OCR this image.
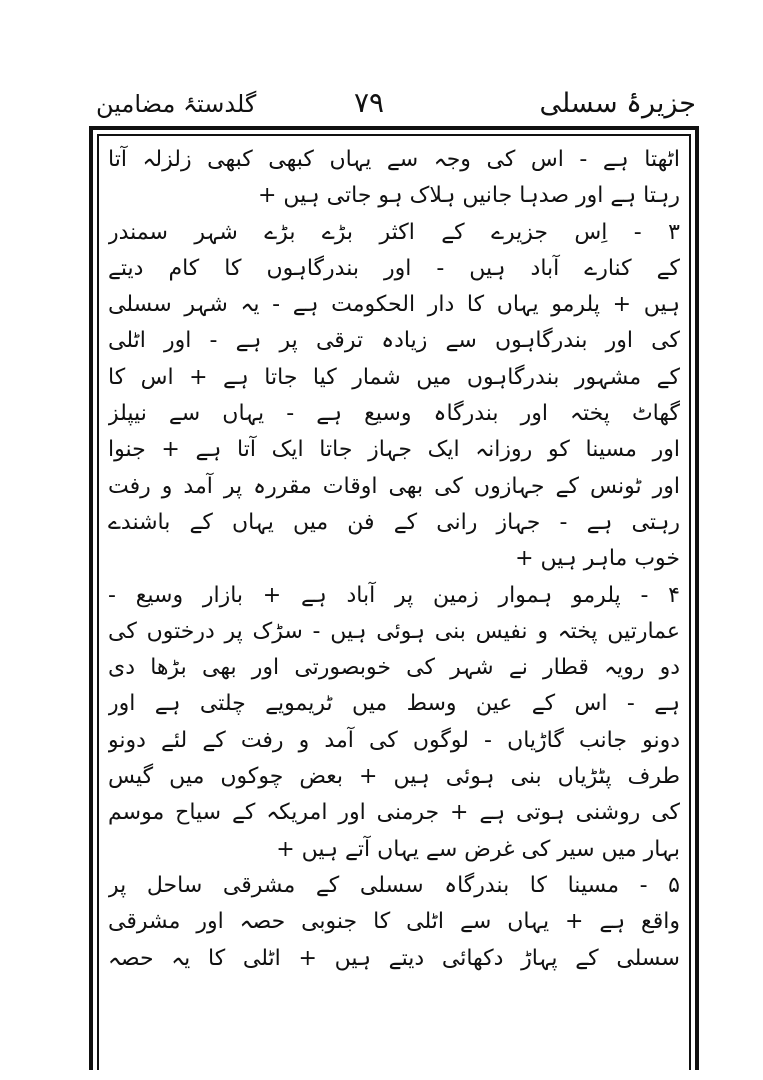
جزیرۂ سسلی
۷۹
گلدستۂ مضامین
اٹھتا ہے - اس کی وجہ سے یہاں کبھی کبھی زلزلہ آتا
رہتا ہے اور صدہا جانیں ہلاک ہو جاتی ہیں +
۳ - اِس جزیرے کے اکثر بڑے بڑے شہر سمندر
کے کنارے آباد ہیں - اور بندرگاہوں کا کام دیتے
ہیں + پلرمو یہاں کا دار الحکومت ہے - یہ شہر سسلی
کی اور بندرگاہوں سے زیادہ ترقی پر ہے - اور اٹلی
کے مشہور بندرگاہوں میں شمار کیا جاتا ہے + اس کا
گھاٹ پختہ اور بندرگاہ وسیع ہے - یہاں سے نیپلز
اور مسینا کو روزانہ ایک جہاز جاتا ایک آتا ہے + جنوا
اور ٹونس کے جہازوں کی بھی اوقات مقررہ پر آمد و رفت
رہتی ہے - جہاز رانی کے فن میں یہاں کے باشندے
خوب ماہر ہیں +
۴ - پلرمو ہموار زمین پر آباد ہے + بازار وسیع -
عمارتیں پختہ و نفیس بنی ہوئی ہیں - سڑک پر درختوں کی
دو رویہ قطار نے شہر کی خوبصورتی اور بھی بڑھا دی
ہے - اس کے عین وسط میں ٹریمویے چلتی ہے اور
دونو جانب گاڑیاں - لوگوں کی آمد و رفت کے لئے دونو
طرف پٹڑیاں بنی ہوئی ہیں + بعض چوکوں میں گیس
کی روشنی ہوتی ہے + جرمنی اور امریکہ کے سیاح موسم
بہار میں سیر کی غرض سے یہاں آتے ہیں +
۵ - مسینا کا بندرگاہ سسلی کے مشرقی ساحل پر
واقع ہے + یہاں سے اٹلی کا جنوبی حصہ اور مشرقی
سسلی کے پہاڑ دکھائی دیتے ہیں + اٹلی کا یہ حصہ
